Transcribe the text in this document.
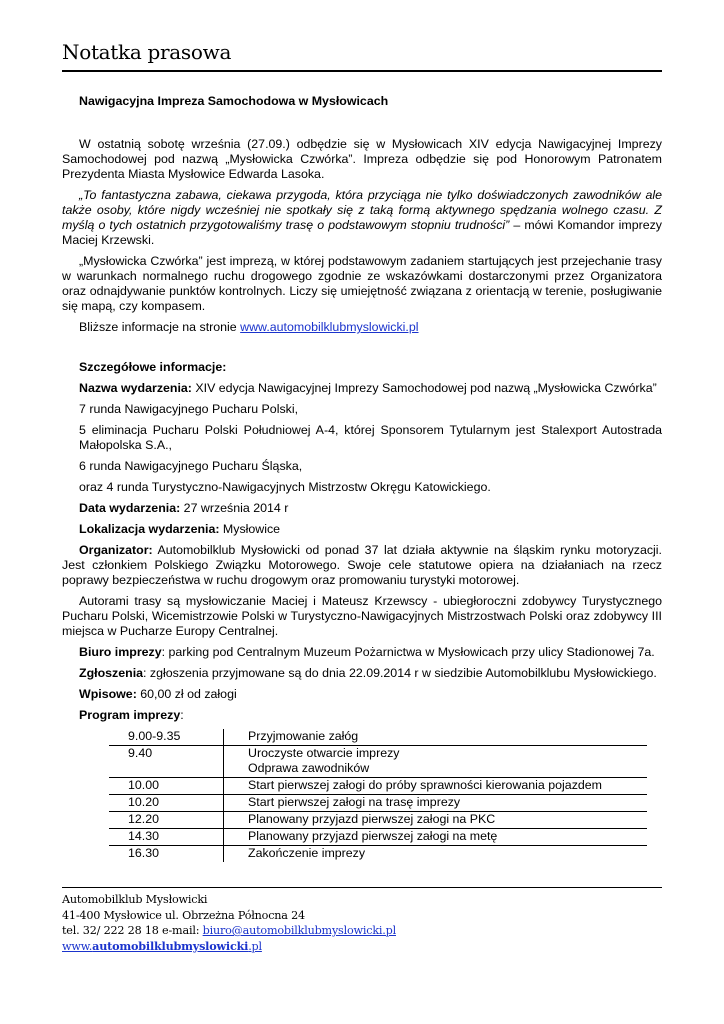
Notatka prasowa

Nawigacyjna Impreza Samochodowa w Mysłowicach

W ostatnią sobotę września (27.09.) odbędzie się w Mysłowicach XIV edycja Nawigacyjnej Imprezy Samochodowej pod nazwą „Mysłowicka Czwórka”. Impreza odbędzie się pod Honorowym Patronatem Prezydenta Miasta Mysłowice Edwarda Lasoka.

„To fantastyczna zabawa, ciekawa przygoda, która przyciąga nie tylko doświadczonych zawodników ale także osoby, które nigdy wcześniej nie spotkały się z taką formą aktywnego spędzania wolnego czasu. Z myślą o tych ostatnich przygotowaliśmy trasę o podstawowym stopniu trudności” – mówi Komandor imprezy Maciej Krzewski.

„Mysłowicka Czwórka” jest imprezą, w której podstawowym zadaniem startujących jest przejechanie trasy w warunkach normalnego ruchu drogowego zgodnie ze wskazówkami dostarczonymi przez Organizatora oraz odnajdywanie punktów kontrolnych. Liczy się umiejętność związana z orientacją w terenie, posługiwanie się mapą, czy kompasem.

Bliższe informacje na stronie www.automobilklubmyslowicki.pl

Szczegółowe informacje:

Nazwa wydarzenia: XIV edycja Nawigacyjnej Imprezy Samochodowej pod nazwą „Mysłowicka Czwórka”

7 runda Nawigacyjnego Pucharu Polski,

5 eliminacja Pucharu Polski Południowej A-4, której Sponsorem Tytularnym jest Stalexport Autostrada Małopolska S.A.,

6 runda Nawigacyjnego Pucharu Śląska,

oraz 4 runda Turystyczno-Nawigacyjnych Mistrzostw Okręgu Katowickiego.

Data wydarzenia: 27 września 2014 r

Lokalizacja wydarzenia: Mysłowice

Organizator: Automobilklub Mysłowicki od ponad 37 lat działa aktywnie na śląskim rynku motoryzacji. Jest członkiem Polskiego Związku Motorowego. Swoje cele statutowe opiera na działaniach na rzecz poprawy bezpieczeństwa w ruchu drogowym oraz promowaniu turystyki motorowej.

Autorami trasy są mysłowiczanie Maciej i Mateusz Krzewscy - ubiegłoroczni zdobywcy Turystycznego Pucharu Polski, Wicemistrzowie Polski w Turystyczno-Nawigacyjnych Mistrzostwach Polski oraz zdobywcy III miejsca w Pucharze Europy Centralnej.

Biuro imprezy: parking pod Centralnym Muzeum Pożarnictwa w Mysłowicach przy ulicy Stadionowej 7a.

Zgłoszenia: zgłoszenia przyjmowane są do dnia 22.09.2014 r w siedzibie Automobilklubu Mysłowickiego.

Wpisowe: 60,00 zł od załogi

Program imprezy:

9.00-9.35	Przyjmowanie załóg
9.40	Uroczyste otwarcie imprezy
Odprawa zawodników

10.00	Start pierwszej załogi do próby sprawności kierowania pojazdem
10.20	Start pierwszej załogi na trasę imprezy
12.20	Planowany przyjazd pierwszej załogi na PKC
14.30	Planowany przyjazd pierwszej załogi na metę
16.30	Zakończenie imprezy
Automobilklub Mysłowicki
41-400 Mysłowice ul. Obrzeżna Północna 24
tel. 32/ 222 28 18 e-mail: biuro@automobilklubmyslowicki.pl
www.automobilklubmyslowicki.pl
